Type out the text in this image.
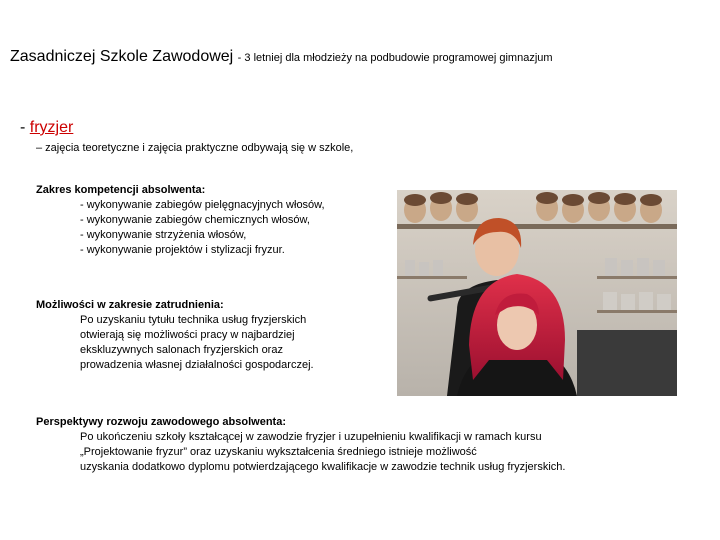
Zasadniczej Szkole Zawodowej - 3 letniej dla młodzieży na podbudowie programowej gimnazjum
- fryzjer
– zajęcia teoretyczne i zajęcia praktyczne odbywają się w szkole,
Zakres kompetencji absolwenta:
- wykonywanie zabiegów pielęgnacyjnych włosów,
- wykonywanie zabiegów chemicznych włosów,
- wykonywanie strzyżenia włosów,
- wykonywanie projektów i stylizacji fryzur.
Możliwości w zakresie zatrudnienia:
Po uzyskaniu tytułu technika usług fryzjerskich
otwierają się możliwości pracy w najbardziej
ekskluzywnych salonach fryzjerskich oraz
prowadzenia własnej działalności gospodarczej.
Perspektywy rozwoju zawodowego absolwenta:
Po ukończeniu szkoły kształcącej w zawodzie fryzjer i uzupełnieniu kwalifikacji w ramach kursu
„Projektowanie fryzur” oraz uzyskaniu wykształcenia średniego istnieje możliwość
uzyskania dodatkowo dyplomu potwierdzającego kwalifikacje w zawodzie technik usług fryzjerskich.
